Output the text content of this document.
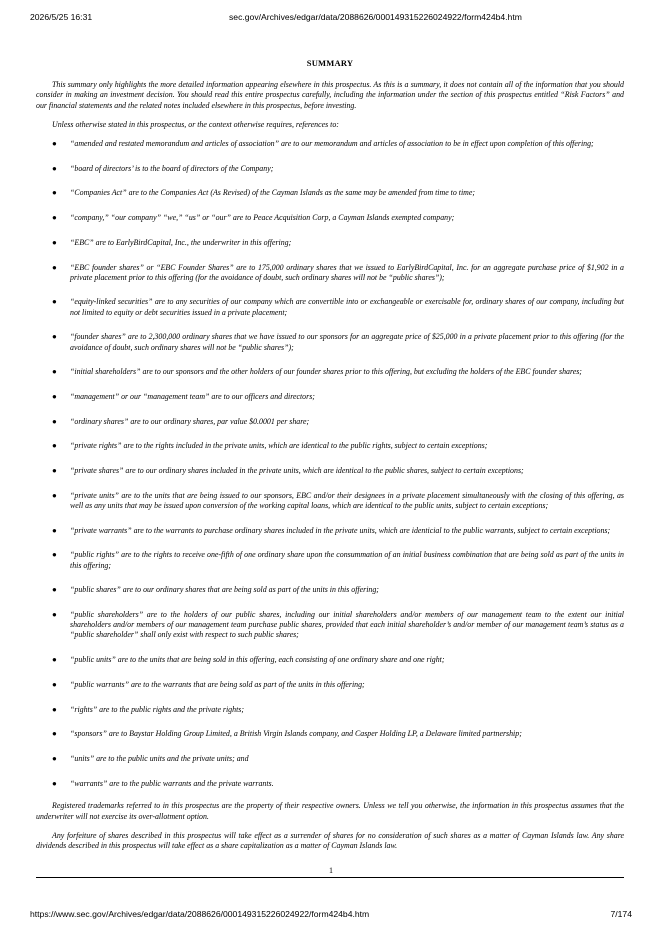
2026/5/25 16:31	sec.gov/Archives/edgar/data/2088626/000149315226024922/form424b4.htm
SUMMARY

This summary only highlights the more detailed information appearing elsewhere in this prospectus. As this is a summary, it does not contain all of the information that you should consider in making an investment decision. You should read this entire prospectus carefully, including the information under the section of this prospectus entitled “Risk Factors” and our financial statements and the related notes included elsewhere in this prospectus, before investing.

Unless otherwise stated in this prospectus, or the context otherwise requires, references to:

● “amended and restated memorandum and articles of association” are to our memorandum and articles of association to be in effect upon completion of this offering;
● “board of directors’ is to the board of directors of the Company;
● “Companies Act” are to the Companies Act (As Revised) of the Cayman Islands as the same may be amended from time to time;
● “company,” “our company” “we,” “us” or “our” are to Peace Acquisition Corp, a Cayman Islands exempted company;
● “EBC” are to EarlyBirdCapital, Inc., the underwriter in this offering;
● “EBC founder shares” or “EBC Founder Shares” are to 175,000 ordinary shares that we issued to EarlyBirdCapital, Inc. for an aggregate purchase price of $1,902 in a private placement prior to this offering (for the avoidance of doubt, such ordinary shares will not be “public shares”);
● “equity-linked securities” are to any securities of our company which are convertible into or exchangeable or exercisable for, ordinary shares of our company, including but not limited to equity or debt securities issued in a private placement;
● “founder shares” are to 2,300,000 ordinary shares that we have issued to our sponsors for an aggregate price of $25,000 in a private placement prior to this offering (for the avoidance of doubt, such ordinary shares will not be “public shares”);
● “initial shareholders” are to our sponsors and the other holders of our founder shares prior to this offering, but excluding the holders of the EBC founder shares;
● “management” or our “management team” are to our officers and directors;
● “ordinary shares” are to our ordinary shares, par value $0.0001 per share;
● “private rights” are to the rights included in the private units, which are identical to the public rights, subject to certain exceptions;
● “private shares” are to our ordinary shares included in the private units, which are identical to the public shares, subject to certain exceptions;
● “private units” are to the units that are being issued to our sponsors, EBC and/or their designees in a private placement simultaneously with the closing of this offering, as well as any units that may be issued upon conversion of the working capital loans, which are identical to the public units, subject to certain exceptions;
● “private warrants” are to the warrants to purchase ordinary shares included in the private units, which are identicial to the public warrants, subject to certain exceptions;
● “public rights” are to the rights to receive one-fifth of one ordinary share upon the consummation of an initial business combination that are being sold as part of the units in this offering;
● “public shares” are to our ordinary shares that are being sold as part of the units in this offering;
● “public shareholders” are to the holders of our public shares, including our initial shareholders and/or members of our management team to the extent our initial shareholders and/or members of our management team purchase public shares, provided that each initial shareholder’s and/or member of our management team’s status as a “public shareholder” shall only exist with respect to such public shares;
● “public units” are to the units that are being sold in this offering, each consisting of one ordinary share and one right;
● “public warrants” are to the warrants that are being sold as part of the units in this offering;
● “rights” are to the public rights and the private rights;
● “sponsors” are to Baystar Holding Group Limited, a British Virgin Islands company, and Casper Holding LP, a Delaware limited partnership;
● “units” are to the public units and the private units; and
● “warrants” are to the public warrants and the private warrants.

Registered trademarks referred to in this prospectus are the property of their respective owners. Unless we tell you otherwise, the information in this prospectus assumes that the underwriter will not exercise its over-allotment option.

Any forfeiture of shares described in this prospectus will take effect as a surrender of shares for no consideration of such shares as a matter of Cayman Islands law. Any share dividends described in this prospectus will take effect as a share capitalization as a matter of Cayman Islands law.

1
https://www.sec.gov/Archives/edgar/data/2088626/000149315226024922/form424b4.htm	7/174
